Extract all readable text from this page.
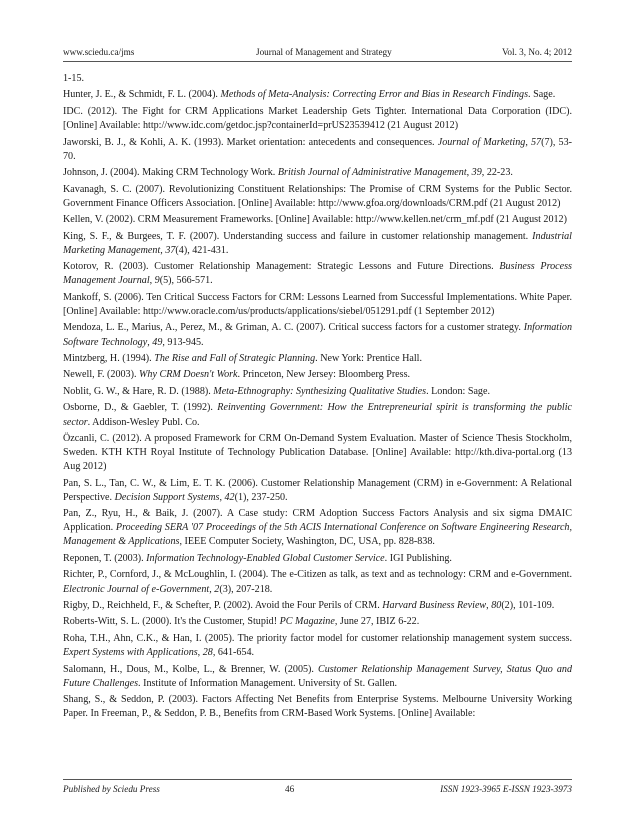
www.sciedu.ca/jms	Journal of Management and Strategy	Vol. 3, No. 4; 2012
1-15.
Hunter, J. E., & Schmidt, F. L. (2004). Methods of Meta-Analysis: Correcting Error and Bias in Research Findings. Sage.
IDC. (2012). The Fight for CRM Applications Market Leadership Gets Tighter. International Data Corporation (IDC). [Online] Available: http://www.idc.com/getdoc.jsp?containerId=prUS23539412 (21 August 2012)
Jaworski, B. J., & Kohli, A. K. (1993). Market orientation: antecedents and consequences. Journal of Marketing, 57(7), 53-70.
Johnson, J. (2004). Making CRM Technology Work. British Journal of Administrative Management, 39, 22-23.
Kavanagh, S. C. (2007). Revolutionizing Constituent Relationships: The Promise of CRM Systems for the Public Sector. Government Finance Officers Association. [Online] Available: http://www.gfoa.org/downloads/CRM.pdf (21 August 2012)
Kellen, V. (2002). CRM Measurement Frameworks. [Online] Available: http://www.kellen.net/crm_mf.pdf (21 August 2012)
King, S. F., & Burgees, T. F. (2007). Understanding success and failure in customer relationship management. Industrial Marketing Management, 37(4), 421-431.
Kotorov, R. (2003). Customer Relationship Management: Strategic Lessons and Future Directions. Business Process Management Journal, 9(5), 566-571.
Mankoff, S. (2006). Ten Critical Success Factors for CRM: Lessons Learned from Successful Implementations. White Paper. [Online] Available: http://www.oracle.com/us/products/applications/siebel/051291.pdf (1 September 2012)
Mendoza, L. E., Marius, A., Perez, M., & Griman, A. C. (2007). Critical success factors for a customer strategy. Information Software Technology, 49, 913-945.
Mintzberg, H. (1994). The Rise and Fall of Strategic Planning. New York: Prentice Hall.
Newell, F. (2003). Why CRM Doesn't Work. Princeton, New Jersey: Bloomberg Press.
Noblit, G. W., & Hare, R. D. (1988). Meta-Ethnography: Synthesizing Qualitative Studies. London: Sage.
Osborne, D., & Gaebler, T. (1992). Reinventing Government: How the Entrepreneurial spirit is transforming the public sector. Addison-Wesley Publ. Co.
Özcanli, C. (2012). A proposed Framework for CRM On-Demand System Evaluation. Master of Science Thesis Stockholm, Sweden. KTH KTH Royal Institute of Technology Publication Database. [Online] Available: http://kth.diva-portal.org (13 Aug 2012)
Pan, S. L., Tan, C. W., & Lim, E. T. K. (2006). Customer Relationship Management (CRM) in e-Government: A Relational Perspective. Decision Support Systems, 42(1), 237-250.
Pan, Z., Ryu, H., & Baik, J. (2007). A Case study: CRM Adoption Success Factors Analysis and six sigma DMAIC Application. Proceeding SERA '07 Proceedings of the 5th ACIS International Conference on Software Engineering Research, Management & Applications, IEEE Computer Society, Washington, DC, USA, pp. 828-838.
Reponen, T. (2003). Information Technology-Enabled Global Customer Service. IGI Publishing.
Richter, P., Cornford, J., & McLoughlin, I. (2004). The e-Citizen as talk, as text and as technology: CRM and e-Government. Electronic Journal of e-Government, 2(3), 207-218.
Rigby, D., Reichheld, F., & Schefter, P. (2002). Avoid the Four Perils of CRM. Harvard Business Review, 80(2), 101-109.
Roberts-Witt, S. L. (2000). It's the Customer, Stupid! PC Magazine, June 27, IBIZ 6-22.
Roha, T.H., Ahn, C.K., & Han, I. (2005). The priority factor model for customer relationship management system success. Expert Systems with Applications, 28, 641-654.
Salomann, H., Dous, M., Kolbe, L., & Brenner, W. (2005). Customer Relationship Management Survey, Status Quo and Future Challenges. Institute of Information Management. University of St. Gallen.
Shang, S., & Seddon, P. (2003). Factors Affecting Net Benefits from Enterprise Systems. Melbourne University Working Paper. In Freeman, P., & Seddon, P. B., Benefits from CRM-Based Work Systems. [Online] Available:
Published by Sciedu Press	46	ISSN 1923-3965 E-ISSN 1923-3973
